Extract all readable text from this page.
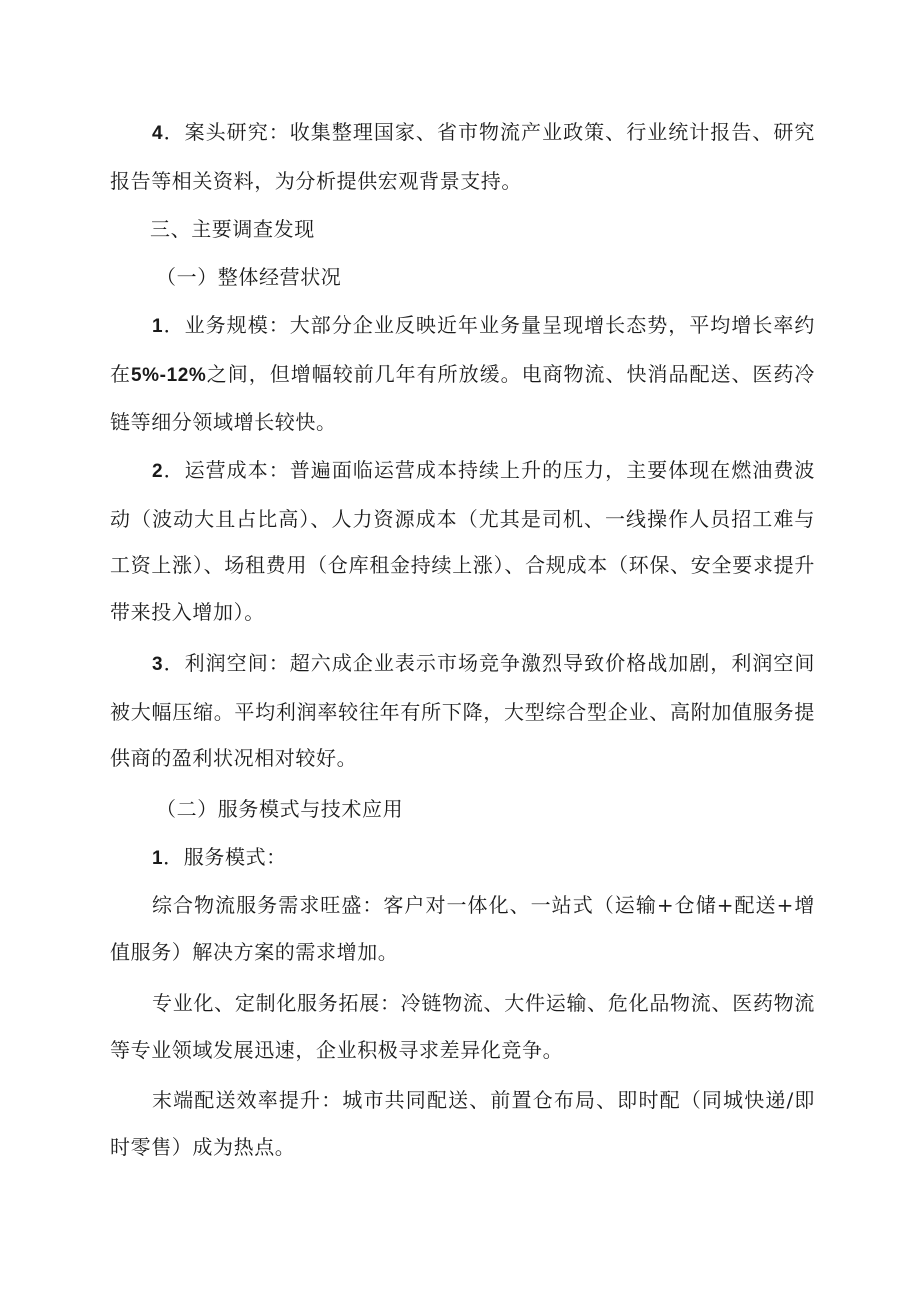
4．案头研究：收集整理国家、省市物流产业政策、行业统计报告、研究报告等相关资料，为分析提供宏观背景支持。

三、主要调查发现

（一）整体经营状况

1．业务规模：大部分企业反映近年业务量呈现增长态势，平均增长率约在5%-12%之间，但增幅较前几年有所放缓。电商物流、快消品配送、医药冷链等细分领域增长较快。

2．运营成本：普遍面临运营成本持续上升的压力，主要体现在燃油费波动（波动大且占比高）、人力资源成本（尤其是司机、一线操作人员招工难与工资上涨）、场租费用（仓库租金持续上涨）、合规成本（环保、安全要求提升带来投入增加）。

3．利润空间：超六成企业表示市场竞争激烈导致价格战加剧，利润空间被大幅压缩。平均利润率较往年有所下降，大型综合型企业、高附加值服务提供商的盈利状况相对较好。

（二）服务模式与技术应用

1．服务模式：

综合物流服务需求旺盛：客户对一体化、一站式（运输+仓储+配送+增值服务）解决方案的需求增加。

专业化、定制化服务拓展：冷链物流、大件运输、危化品物流、医药物流等专业领域发展迅速，企业积极寻求差异化竞争。

末端配送效率提升：城市共同配送、前置仓布局、即时配（同城快递/即时零售）成为热点。
